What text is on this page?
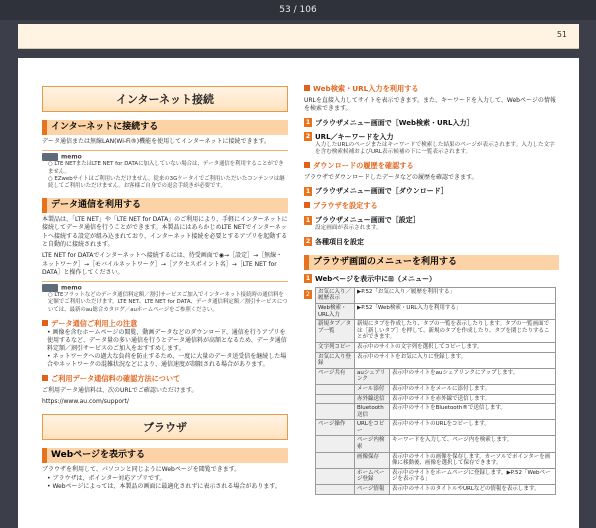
53 / 106
51
インターネット接続
インターネットに接続する
データ通信または無線LAN(Wi-Fi®)機能を使用してインターネットに接続できます。
memo
○ LTE NETまたはLTE NET for DATAに加入していない場合は、データ通信を利用することができません。
○ EZwebサイトはご利用いただけません。従来の3Gケータイでご利用いただいたコンテンツは継続してご利用いただけません。お客様ご自身での退会手続きが必要です。
データ通信を利用する
本製品は、「LTE NET」や「LTE NET for DATA」のご利用により、手軽にインターネットに接続してデータ通信を行うことができます。本製品にはあらかじめLTE NETでインターネットへ接続する設定が組み込まれており、インターネット接続を必要とするアプリを起動すると自動的に接続されます。
LTE NET for DATAでインターネットへ接続するには、待受画面で◉→［設定］→［無線・ネットワーク］→［モバイルネットワーク］→［アクセスポイント名］→［LTE NET for DATA］と操作してください。
memo
○ LTEフラットなどのデータ通信料定額／割引サービスご加入でインターネット接続時の通信料を定額でご利用いただけます。LTE NET、LTE NET for DATA、データ通信料定額／割引サービスについては、最新のau総合カタログ／auホームページをご参照ください。
データ通信ご利用上の注意
• 画像を含むホームページの閲覧、動画データなどのダウンロード、通信を行うアプリを使用するなど、データ量の多い通信を行うとデータ通信料が高額となるため、データ通信料定額／割引サービスのご加入をおすすめします。
• ネットワークへの過大な負荷を防止するため、一度に大量のデータ送受信を継続した場合やネットワークの混雑状況などにより、通信速度が制限される場合があります。
ご利用データ通信料の確認方法について
ご利用データ通信料は、次のURLでご確認いただけます。
https://www.au.com/support/
ブラウザ
Webページを表示する
ブラウザを利用して、パソコンと同じようにWebページを閲覧できます。
• ブラウザは、ポインター対応アプリです。
• Webページによっては、本製品の画面に最適化されずに表示される場合があります。
Web検索・URL入力を利用する
URLを直接入力してサイトを表示できます。また、キーワードを入力して、Webページの情報を検索できます。
1 ブラウザメニュー画面で［Web検索・URL入力］
2 URL／キーワードを入力
入力したURLのページまたはキーワードで検索した結果のページが表示されます。入力した文字を含む検索候補およびURL表示候補の下に一覧表示されます。
ダウンロードの履歴を確認する
ブラウザでダウンロードしたデータなどの履歴を確認できます。
1 ブラウザメニュー画面で［ダウンロード］
ブラウザを設定する
1 ブラウザメニュー画面で［設定］
設定画面が表示されます。
2 各種項目を設定
ブラウザ画面のメニューを利用する
1 Webページを表示中に⊞（メニュー）
2	お気に入り／履歴表示	▶P.52「お気に入り／履歴を利用する」	
Web検索・URL入力	▶P.52「Web検索・URL入力を利用する」	
新規タブ／タブ一覧	新規にタブを作成したり、タブの一覧を表示したりします。タブの一覧画面では［新しいタブ］を押して、新規のタブを作成したり、タブを閉じたりすることができます。	
文字列コピー	表示中のサイトの文字列を選択してコピーします。	
お気に入り登録	表示中のサイトをお気に入りに登録します。	
ページ共有	auシェアリンク	表示中のサイトをauシェアリンクにアップします。
	メール添付	表示中のサイトをメールに添付します。
	赤外線送信	表示中のサイトを赤外線で送信します。
	Bluetooth送信	表示中のサイトをBluetooth®で送信します。
ページ操作	URLをコピー	表示中のサイトのURLをコピーします。
	ページ内検索	キーワードを入力して、ページ内を検索します。
	画像保存	表示中のサイトの画像を保存します。カーソルでポインターを画像に移動後、画像を選択して保存できます。
	ホームページ登録	表示中のサイトをホームページに登録します。▶P.52「Webページを表示する」
	ページ情報	表示中のサイトのタイトルやURLなどの情報を表示します。
